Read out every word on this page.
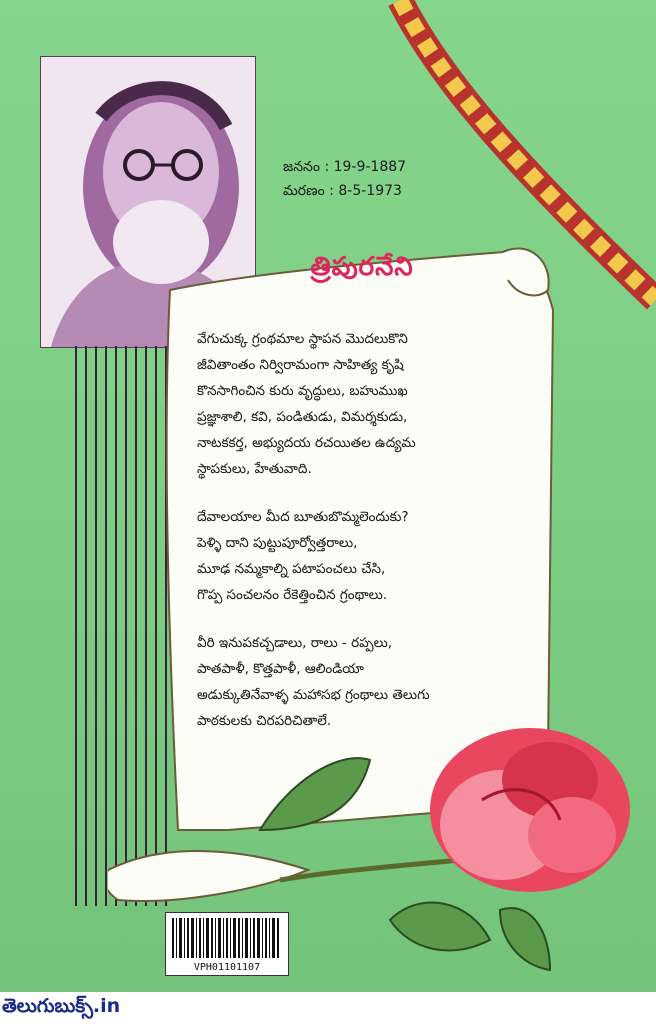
జననం : 19-9-1887
మరణం : 8-5-1973
త్రిపురనేని
వేగుచుక్క గ్రంథమాల స్థాపన మొదలుకొని
జీవితాంతం నిర్విరామంగా సాహిత్య కృషి
కొనసాగించిన కురు వృద్ధులు, బహుముఖ
ప్రజ్ఞాశాలి, కవి, పండితుడు, విమర్శకుడు,
నాటకకర్త, అభ్యుదయ రచయితల ఉద్యమ
స్థాపకులు, హేతువాది.
దేవాలయాల మీద బూతుబొమ్మలెందుకు?
పెళ్ళి దాని పుట్టుపూర్వోత్తరాలు,
మూఢ నమ్మకాల్ని పటాపంచలు చేసి,
గొప్ప సంచలనం రేకెత్తించిన గ్రంథాలు.
వీరి ఇనుపకచ్చడాలు, రాలు - రప్పలు,
పాతపాళీ, కొత్తపాళీ, ఆలిండియా
అడుక్కుతినేవాళ్ళ మహాసభ గ్రంథాలు తెలుగు
పాఠకులకు చిరపరిచితాలే.
VPH01101107
తెలుగుబుక్స్.in
